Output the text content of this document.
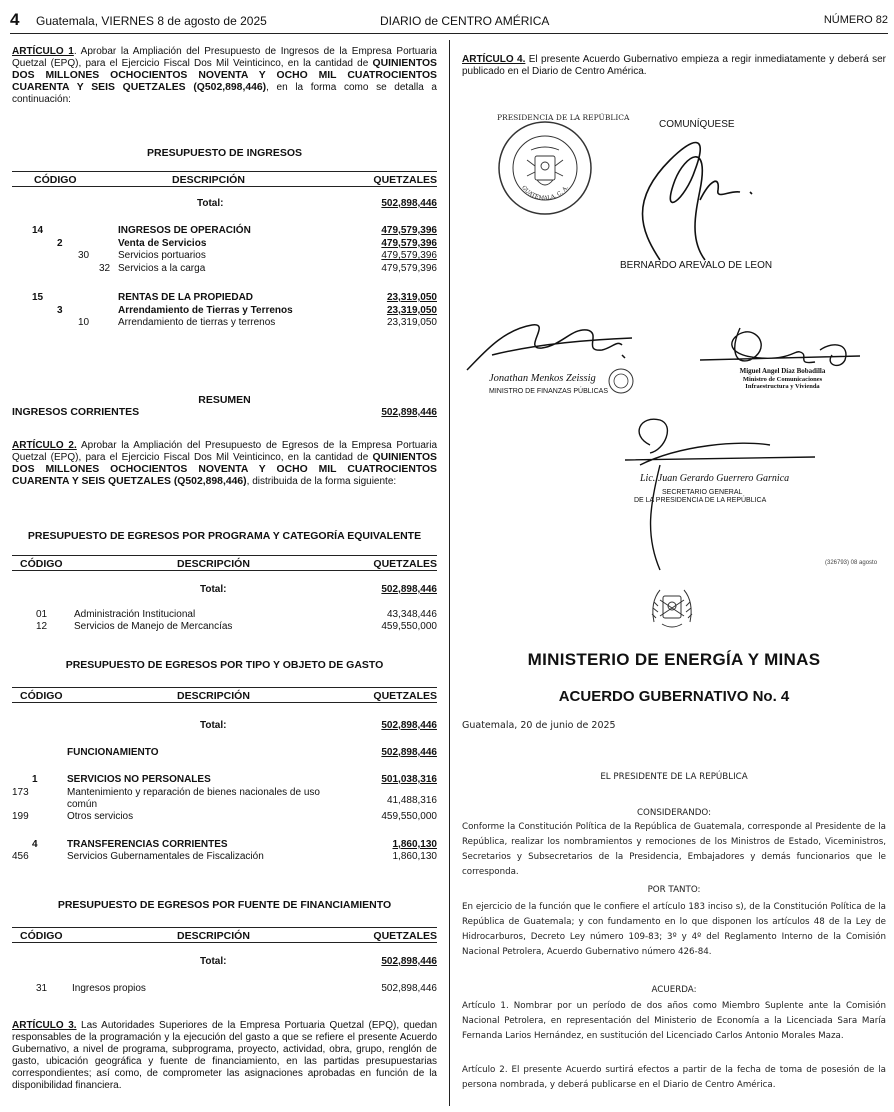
4 Guatemala, VIERNES 8 de agosto de 2025	DIARIO de CENTRO AMÉRICA	NÚMERO 82
ARTÍCULO 1. Aprobar la Ampliación del Presupuesto de Ingresos de la Empresa Portuaria Quetzal (EPQ), para el Ejercicio Fiscal Dos Mil Veinticinco, en la cantidad de QUINIENTOS DOS MILLONES OCHOCIENTOS NOVENTA Y OCHO MIL CUATROCIENTOS CUARENTA Y SEIS QUETZALES (Q502,898,446), en la forma como se detalla a continuación:
PRESUPUESTO DE INGRESOS
CÓDIGO	DESCRIPCIÓN	QUETZALES
Total:	502,898,446
14	INGRESOS DE OPERACIÓN	479,579,396
2	Venta de Servicios	479,579,396
30	Servicios portuarios	479,579,396
32 Servicios a la carga	479,579,396
15	RENTAS DE LA PROPIEDAD	23,319,050
3	Arrendamiento de Tierras y Terrenos	23,319,050
10	Arrendamiento de tierras y terrenos	23,319,050
RESUMEN
INGRESOS CORRIENTES	502,898,446
ARTÍCULO 2. Aprobar la Ampliación del Presupuesto de Egresos de la Empresa Portuaria Quetzal (EPQ), para el Ejercicio Fiscal Dos Mil Veinticinco, en la cantidad de QUINIENTOS DOS MILLONES OCHOCIENTOS NOVENTA Y OCHO MIL CUATROCIENTOS CUARENTA Y SEIS QUETZALES (Q502,898,446), distribuida de la forma siguiente:
PRESUPUESTO DE EGRESOS POR PROGRAMA Y CATEGORÍA EQUIVALENTE
CÓDIGO	DESCRIPCIÓN	QUETZALES
Total:	502,898,446
01	Administración Institucional	43,348,446
12	Servicios de Manejo de Mercancías	459,550,000
PRESUPUESTO DE EGRESOS POR TIPO Y OBJETO DE GASTO
CÓDIGO	DESCRIPCIÓN	QUETZALES
Total:	502,898,446
FUNCIONAMIENTO	502,898,446
1	SERVICIOS NO PERSONALES	501,038,316
173	Mantenimiento y reparación de bienes nacionales de uso
común	41,488,316
199	Otros servicios	459,550,000
4	TRANSFERENCIAS CORRIENTES	1,860,130
456	Servicios Gubernamentales de Fiscalización	1,860,130
PRESUPUESTO DE EGRESOS POR FUENTE DE FINANCIAMIENTO
CÓDIGO	DESCRIPCIÓN	QUETZALES
Total:	502,898,446
31 Ingresos propios	502,898,446
ARTÍCULO 3. Las Autoridades Superiores de la Empresa Portuaria Quetzal (EPQ), quedan responsables de la programación y la ejecución del gasto a que se refiere el presente Acuerdo Gubernativo, a nivel de programa, subprograma, proyecto, actividad, obra, grupo, renglón de gasto, ubicación geográfica y fuente de financiamiento, en las partidas presupuestarias correspondientes; así como, de comprometer las asignaciones aprobadas en función de la disponibilidad financiera.
ARTÍCULO 4. El presente Acuerdo Gubernativo empieza a regir inmediatamente y deberá ser publicado en el Diario de Centro América.
PRESIDENCIA DE LA REPÚBLICA
GUATEMALA, C. A.
COMUNÍQUESE
BERNARDO AREVALO DE LEON
Jonathan Menkos Zeissig
MINISTRO DE FINANZAS PÚBLICAS
Miguel Angel Díaz Bobadilla
Ministro de Comunicaciones
Infraestructura y Vivienda
Lic. Juan Gerardo Guerrero Garnica
SECRETARIO GENERAL
DE LA PRESIDENCIA DE LA REPÚBLICA
(326793) 08 agosto
MINISTERIO DE ENERGÍA Y MINAS
ACUERDO GUBERNATIVO No. 4
Guatemala, 20 de junio de 2025
EL PRESIDENTE DE LA REPÚBLICA
CONSIDERANDO:
Conforme la Constitución Política de la República de Guatemala, corresponde al Presidente de la República, realizar los nombramientos y remociones de los Ministros de Estado, Viceministros, Secretarios y Subsecretarios de la Presidencia, Embajadores y demás funcionarios que le corresponda.
POR TANTO:
En ejercicio de la función que le confiere el artículo 183 inciso s), de la Constitución Política de la República de Guatemala; y con fundamento en lo que disponen los artículos 48 de la Ley de Hidrocarburos, Decreto Ley número 109-83; 3º y 4º del Reglamento Interno de la Comisión Nacional Petrolera, Acuerdo Gubernativo número 426-84.
ACUERDA:
Artículo 1. Nombrar por un período de dos años como Miembro Suplente ante la Comisión Nacional Petrolera, en representación del Ministerio de Economía a la Licenciada Sara María Fernanda Larios Hernández, en sustitución del Licenciado Carlos Antonio Morales Maza.
Artículo 2. El presente Acuerdo surtirá efectos a partir de la fecha de toma de posesión de la persona nombrada, y deberá publicarse en el Diario de Centro América.
